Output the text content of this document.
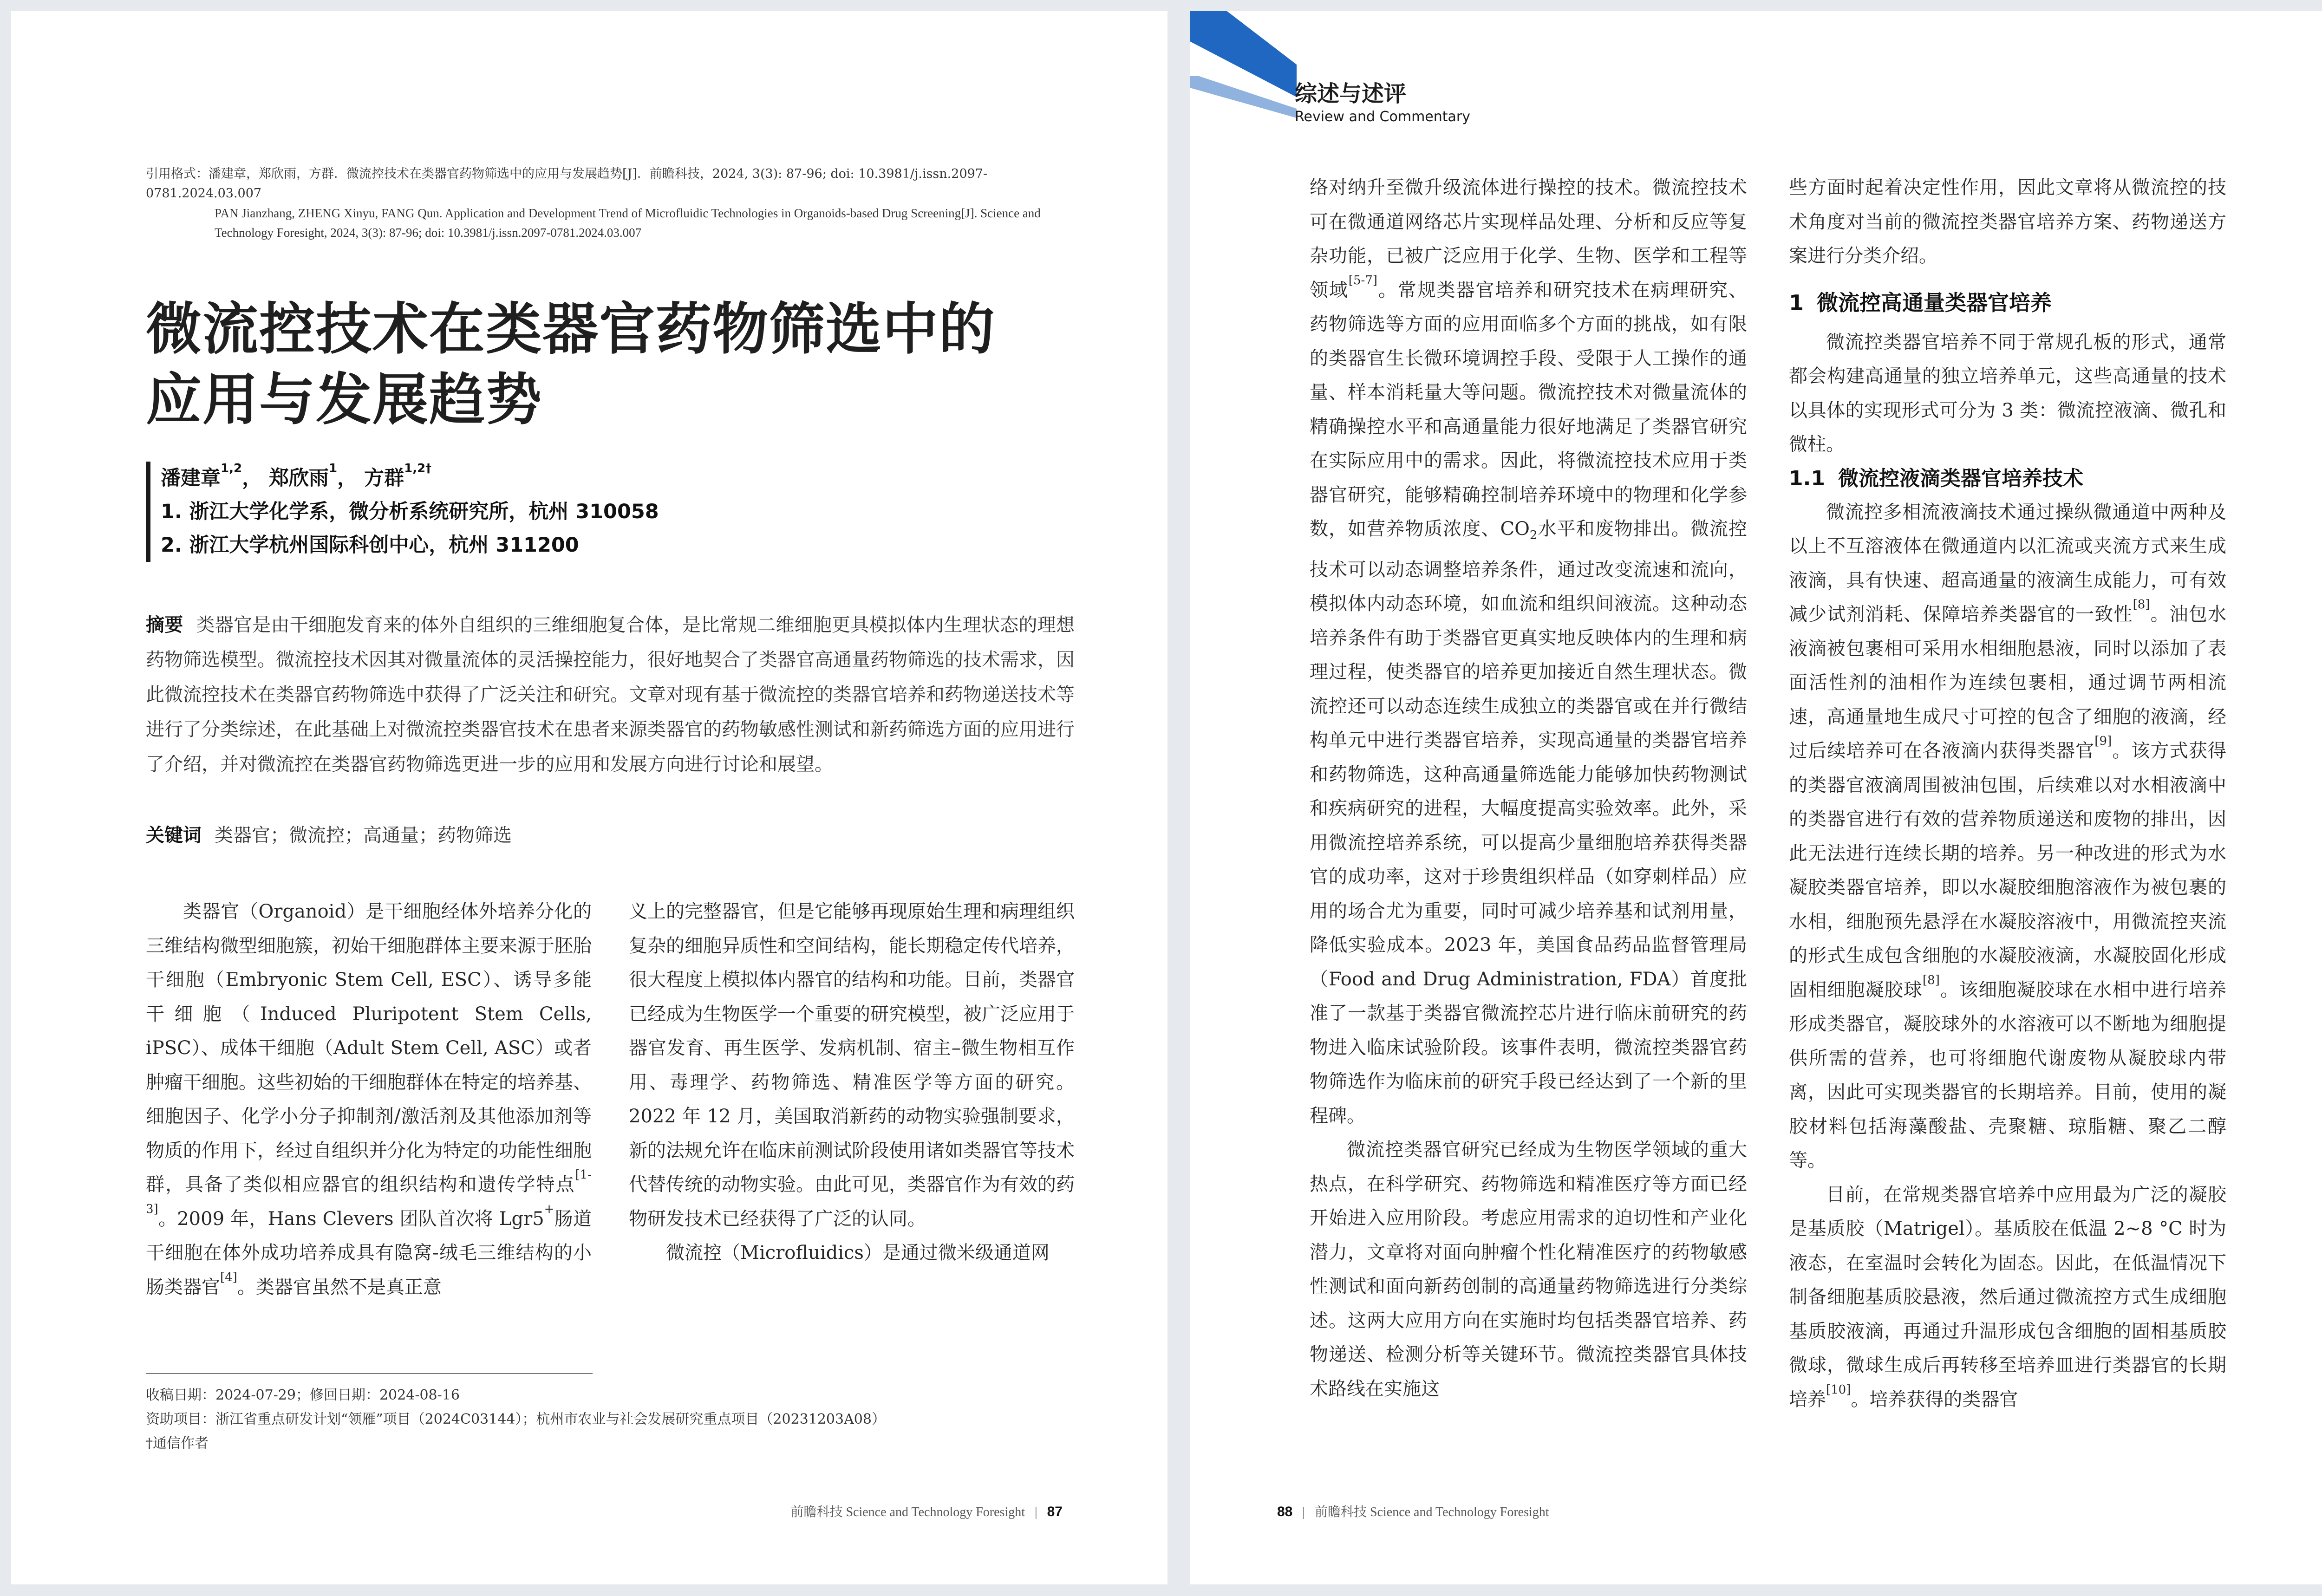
引用格式：潘建章，郑欣雨，方群．微流控技术在类器官药物筛选中的应用与发展趋势[J]．前瞻科技，2024, 3(3): 87-96; doi: 10.3981/j.issn.2097-0781.2024.03.007

PAN Jianzhang, ZHENG Xinyu, FANG Qun. Application and Development Trend of Microfluidic Technologies in Organoids-based Drug Screening[J]. Science and Technology Foresight, 2024, 3(3): 87-96; doi: 10.3981/j.issn.2097-0781.2024.03.007

微流控技术在类器官药物筛选中的
应用与发展趋势
潘建章$^{1,2}$， 郑欣雨$^1$， 方群$^{1,2\dagger}$
1. 浙江大学化学系，微分析系统研究所，杭州 310058
2. 浙江大学杭州国际科创中心，杭州 311200
摘要 类器官是由干细胞发育来的体外自组织的三维细胞复合体，是比常规二维细胞更具模拟体内生理状态的理想药物筛选模型。微流控技术因其对微量流体的灵活操控能力，很好地契合了类器官高通量药物筛选的技术需求，因此微流控技术在类器官药物筛选中获得了广泛关注和研究。文章对现有基于微流控的类器官培养和药物递送技术等进行了分类综述，在此基础上对微流控类器官技术在患者来源类器官的药物敏感性测试和新药筛选方面的应用进行了介绍，并对微流控在类器官药物筛选更进一步的应用和发展方向进行讨论和展望。
关键词 类器官；微流控；高通量；药物筛选

类器官（Organoid）是干细胞经体外培养分化的三维结构微型细胞簇，初始干细胞群体主要来源于胚胎干细胞（Embryonic Stem Cell, ESC）、诱导多能干细胞（Induced Pluripotent Stem Cells, iPSC）、成体干细胞（Adult Stem Cell, ASC）或者肿瘤干细胞。这些初始的干细胞群体在特定的培养基、细胞因子、化学小分子抑制剂/激活剂及其他添加剂等物质的作用下，经过自组织并分化为特定的功能性细胞群，具备了类似相应器官的组织结构和遗传学特点[1-3]。2009 年，Hans Clevers 团队首次将 Lgr5+肠道干细胞在体外成功培养成具有隐窝-绒毛三维结构的小肠类器官[4]。类器官虽然不是真正意

义上的完整器官，但是它能够再现原始生理和病理组织复杂的细胞异质性和空间结构，能长期稳定传代培养，很大程度上模拟体内器官的结构和功能。目前，类器官已经成为生物医学一个重要的研究模型，被广泛应用于器官发育、再生医学、发病机制、宿主–微生物相互作用、毒理学、药物筛选、精准医学等方面的研究。2022 年 12 月，美国取消新药的动物实验强制要求，新的法规允许在临床前测试阶段使用诸如类器官等技术代替传统的动物实验。由此可见，类器官作为有效的药物研发技术已经获得了广泛的认同。

微流控（Microfluidics）是通过微米级通道网

收稿日期：2024-07-29；修回日期：2024-08-16

资助项目：浙江省重点研发计划“领雁”项目（2024C03144）；杭州市农业与社会发展研究重点项目（20231203A08）

†通信作者

前瞻科技 Science and Technology Foresight | 87
综述与述评
Review and Commentary

络对纳升至微升级流体进行操控的技术。微流控技术可在微通道网络芯片实现样品处理、分析和反应等复杂功能，已被广泛应用于化学、生物、医学和工程等领域[5-7]。常规类器官培养和研究技术在病理研究、药物筛选等方面的应用面临多个方面的挑战，如有限的类器官生长微环境调控手段、受限于人工操作的通量、样本消耗量大等问题。微流控技术对微量流体的精确操控水平和高通量能力很好地满足了类器官研究在实际应用中的需求。因此，将微流控技术应用于类器官研究，能够精确控制培养环境中的物理和化学参数，如营养物质浓度、$CO_2$水平和废物排出。微流控技术可以动态调整培养条件，通过改变流速和流向，模拟体内动态环境，如血流和组织间液流。这种动态培养条件有助于类器官更真实地反映体内的生理和病理过程，使类器官的培养更加接近自然生理状态。微流控还可以动态连续生成独立的类器官或在并行微结构单元中进行类器官培养，实现高通量的类器官培养和药物筛选，这种高通量筛选能力能够加快药物测试和疾病研究的进程，大幅度提高实验效率。此外，采用微流控培养系统，可以提高少量细胞培养获得类器官的成功率，这对于珍贵组织样品（如穿刺样品）应用的场合尤为重要，同时可减少培养基和试剂用量，降低实验成本。2023 年，美国食品药品监督管理局（Food and Drug Administration, FDA）首度批准了一款基于类器官微流控芯片进行临床前研究的药物进入临床试验阶段。该事件表明，微流控类器官药物筛选作为临床前的研究手段已经达到了一个新的里程碑。

微流控类器官研究已经成为生物医学领域的重大热点，在科学研究、药物筛选和精准医疗等方面已经开始进入应用阶段。考虑应用需求的迫切性和产业化潜力，文章将对面向肿瘤个性化精准医疗的药物敏感性测试和面向新药创制的高通量药物筛选进行分类综述。这两大应用方向在实施时均包括类器官培养、药物递送、检测分析等关键环节。微流控类器官具体技术路线在实施这

些方面时起着决定性作用，因此文章将从微流控的技术角度对当前的微流控类器官培养方案、药物递送方案进行分类介绍。

1 微流控高通量类器官培养

微流控类器官培养不同于常规孔板的形式，通常都会构建高通量的独立培养单元，这些高通量的技术以具体的实现形式可分为 3 类：微流控液滴、微孔和微柱。

1.1 微流控液滴类器官培养技术

微流控多相流液滴技术通过操纵微通道中两种及以上不互溶液体在微通道内以汇流或夹流方式来生成液滴，具有快速、超高通量的液滴生成能力，可有效减少试剂消耗、保障培养类器官的一致性[8]。油包水液滴被包裹相可采用水相细胞悬液，同时以添加了表面活性剂的油相作为连续包裹相，通过调节两相流速，高通量地生成尺寸可控的包含了细胞的液滴，经过后续培养可在各液滴内获得类器官[9]。该方式获得的类器官液滴周围被油包围，后续难以对水相液滴中的类器官进行有效的营养物质递送和废物的排出，因此无法进行连续长期的培养。另一种改进的形式为水凝胶类器官培养，即以水凝胶细胞溶液作为被包裹的水相，细胞预先悬浮在水凝胶溶液中，用微流控夹流的形式生成包含细胞的水凝胶液滴，水凝胶固化形成固相细胞凝胶球[8]。该细胞凝胶球在水相中进行培养形成类器官，凝胶球外的水溶液可以不断地为细胞提供所需的营养，也可将细胞代谢废物从凝胶球内带离，因此可实现类器官的长期培养。目前，使用的凝胶材料包括海藻酸盐、壳聚糖、琼脂糖、聚乙二醇等。

目前，在常规类器官培养中应用最为广泛的凝胶是基质胶（Matrigel）。基质胶在低温 2~8 °C 时为液态，在室温时会转化为固态。因此，在低温情况下制备细胞基质胶悬液，然后通过微流控方式生成细胞基质胶液滴，再通过升温形成包含细胞的固相基质胶微球，微球生成后再转移至培养皿进行类器官的长期培养[10]。培养获得的类器官

88 | 前瞻科技 Science and Technology Foresight
